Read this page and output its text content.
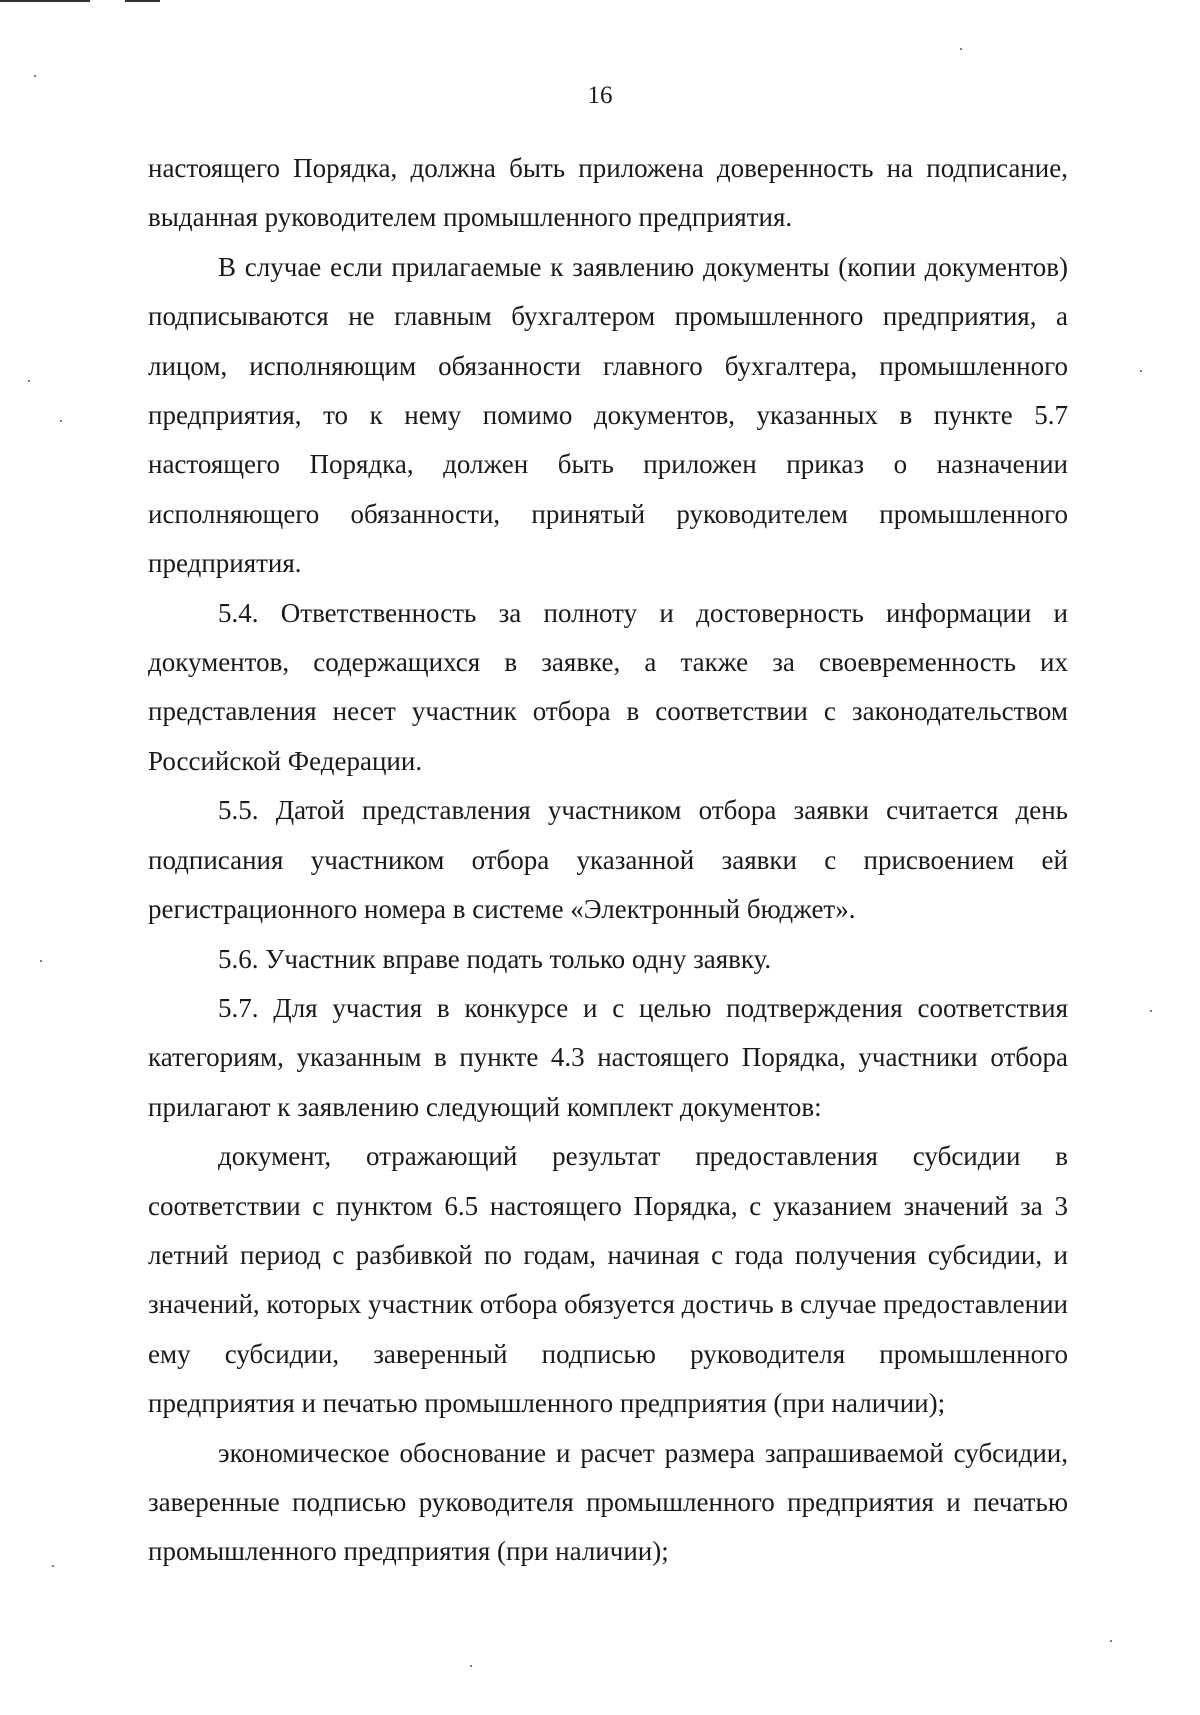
16

настоящего Порядка, должна быть приложена доверенность на подписание, выданная руководителем промышленного предприятия.

В случае если прилагаемые к заявлению документы (копии документов) подписываются не главным бухгалтером промышленного предприятия, а лицом, исполняющим обязанности главного бухгалтера, промышленного предприятия, то к нему помимо документов, указанных в пункте 5.7 настоящего Порядка, должен быть приложен приказ о назначении исполняющего обязанности, принятый руководителем промышленного предприятия.

5.4. Ответственность за полноту и достоверность информации и документов, содержащихся в заявке, а также за своевременность их представления несет участник отбора в соответствии с законодательством Российской Федерации.

5.5. Датой представления участником отбора заявки считается день подписания участником отбора указанной заявки с присвоением ей регистрационного номера в системе «Электронный бюджет».

5.6. Участник вправе подать только одну заявку.

5.7. Для участия в конкурсе и с целью подтверждения соответствия категориям, указанным в пункте 4.3 настоящего Порядка, участники отбора прилагают к заявлению следующий комплект документов:

документ, отражающий результат предоставления субсидии в соответствии с пунктом 6.5 настоящего Порядка, с указанием значений за 3 летний период с разбивкой по годам, начиная с года получения субсидии, и значений, которых участник отбора обязуется достичь в случае предоставлении ему субсидии, заверенный подписью руководителя промышленного предприятия и печатью промышленного предприятия (при наличии);

экономическое обоснование и расчет размера запрашиваемой субсидии, заверенные подписью руководителя промышленного предприятия и печатью промышленного предприятия (при наличии);
